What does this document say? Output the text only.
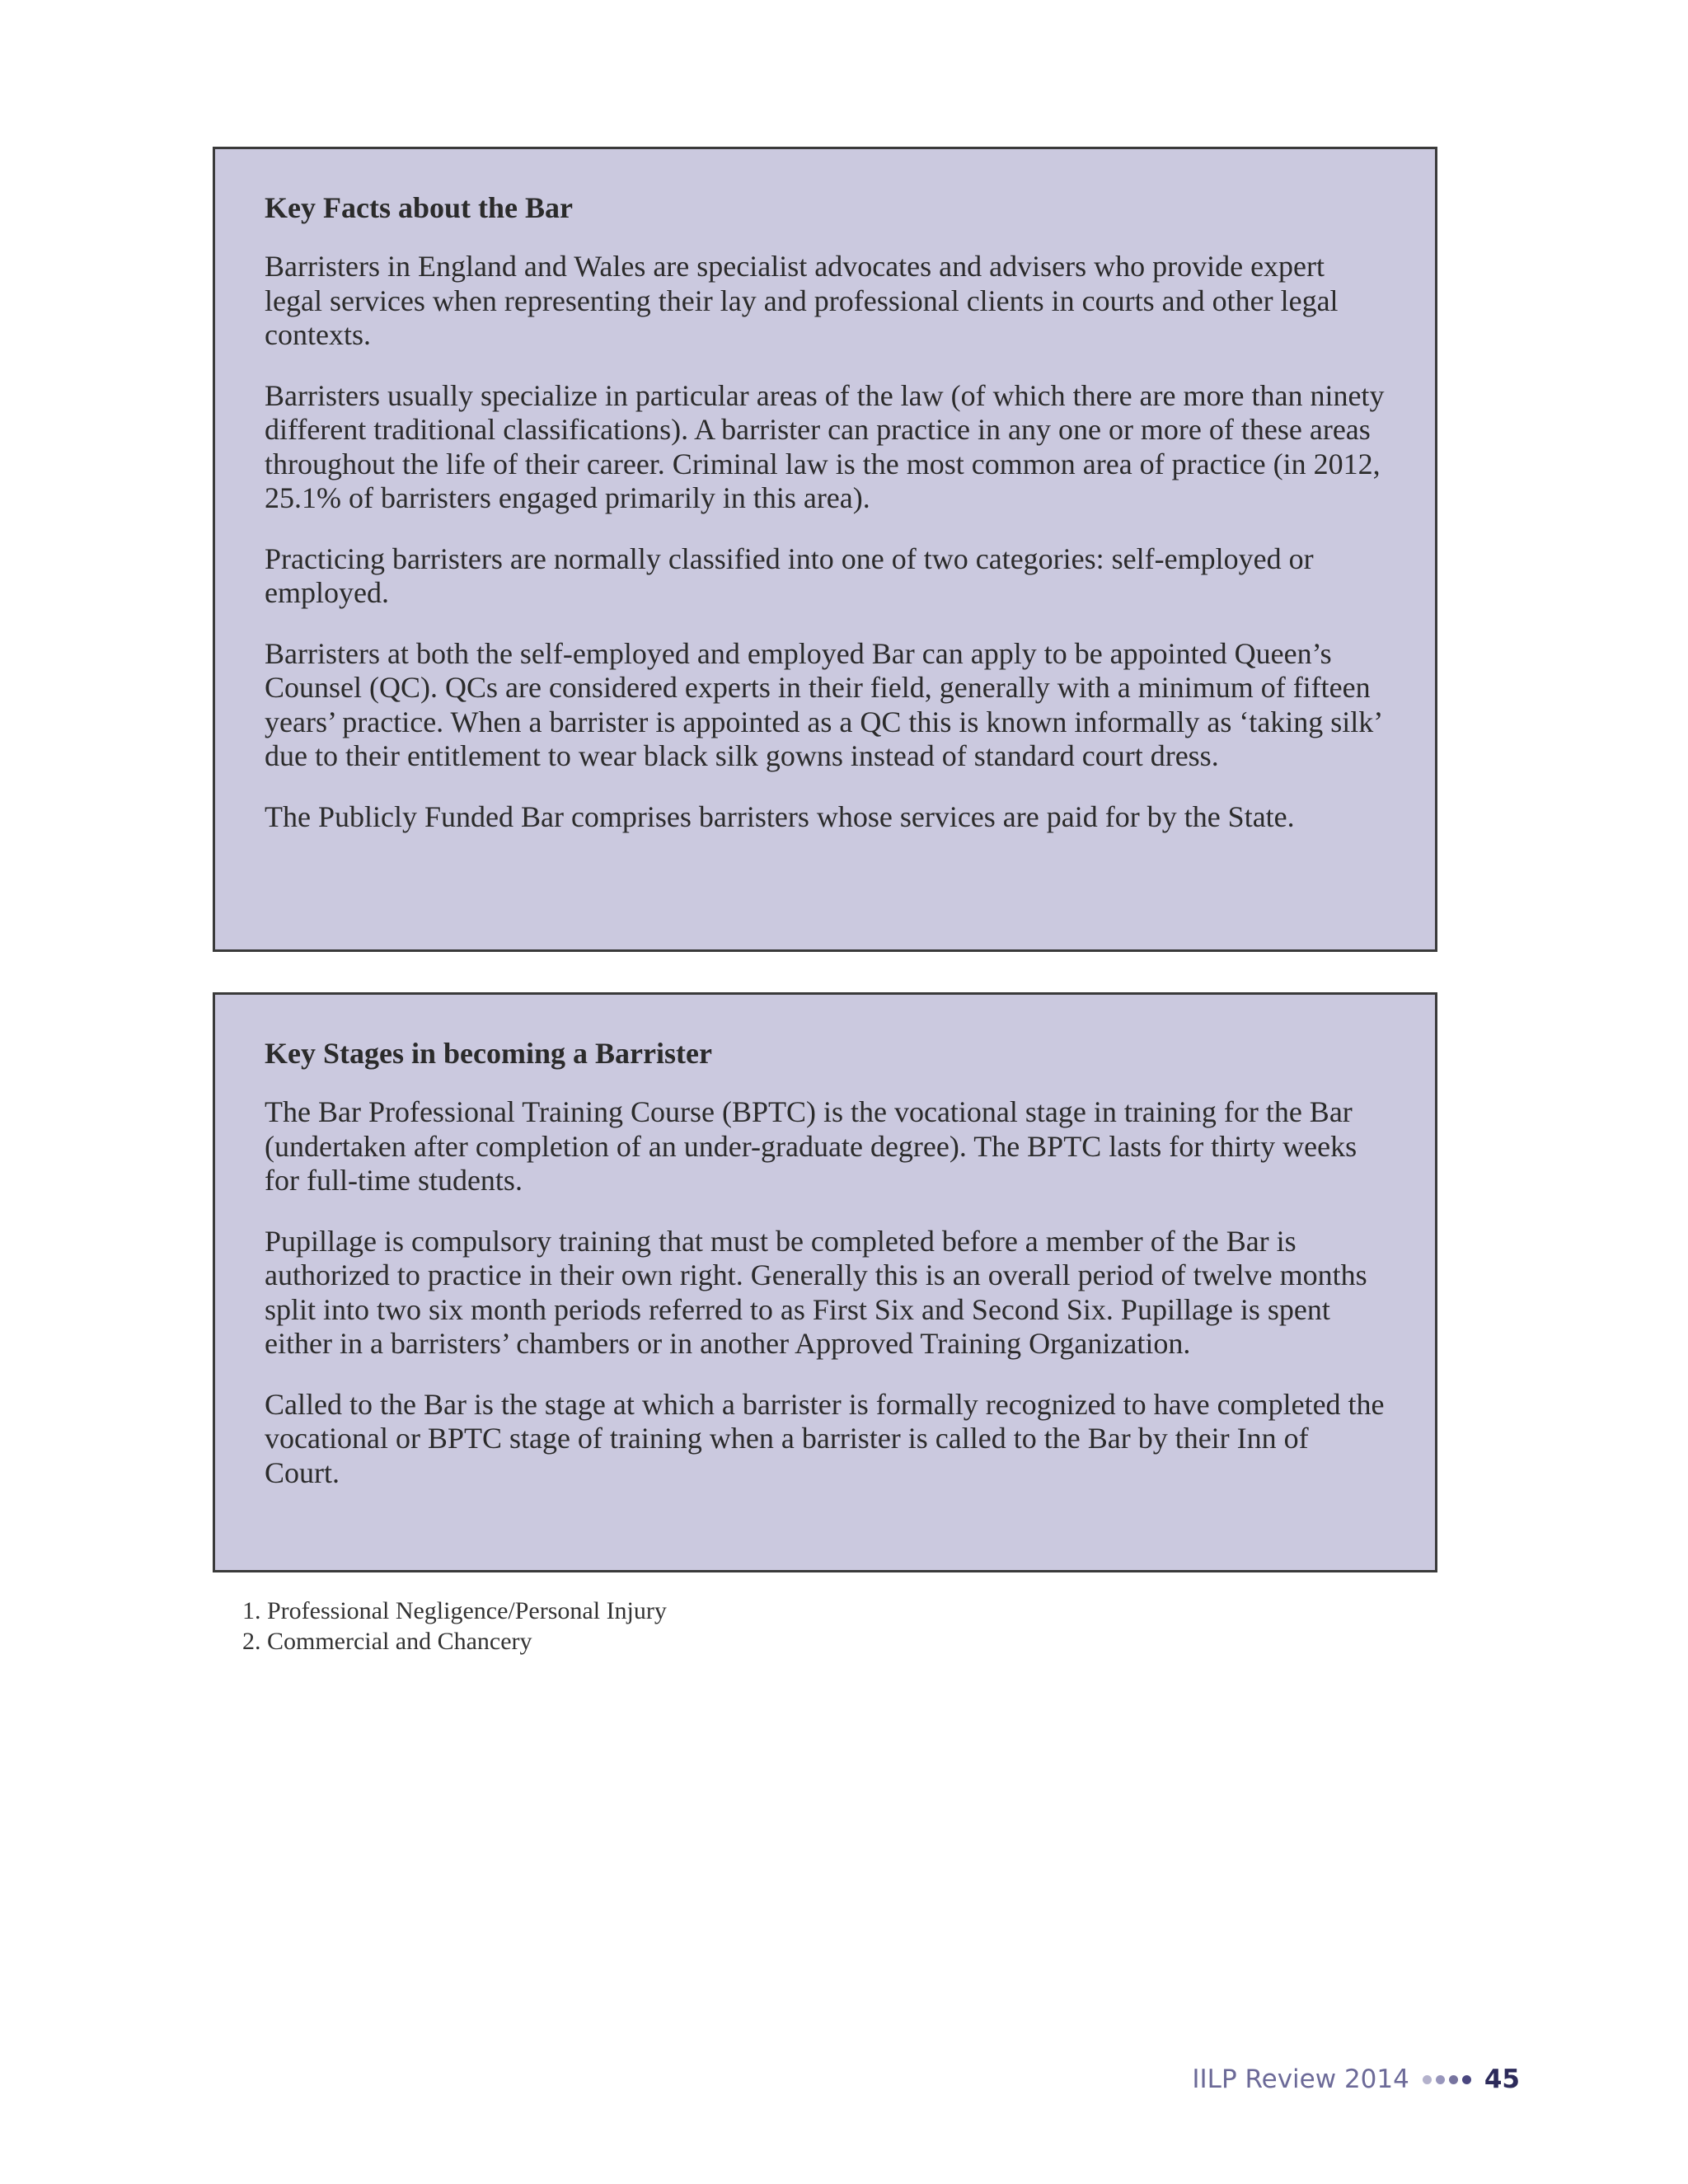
Key Facts about the Bar

Barristers in England and Wales are specialist advocates and advisers who provide expert legal services when representing their lay and professional clients in courts and other legal contexts.

Barristers usually specialize in particular areas of the law (of which there are more than ninety different traditional classifications). A barrister can practice in any one or more of these areas throughout the life of their career. Criminal law is the most common area of practice (in 2012, 25.1% of barristers engaged primarily in this area).

Practicing barristers are normally classified into one of two categories: self-employed or employed.

Barristers at both the self-employed and employed Bar can apply to be appointed Queen’s Counsel (QC). QCs are considered experts in their field, generally with a minimum of fifteen years’ practice. When a barrister is appointed as a QC this is known informally as ‘taking silk’ due to their entitlement to wear black silk gowns instead of standard court dress.

The Publicly Funded Bar comprises barristers whose services are paid for by the State.

Key Stages in becoming a Barrister

The Bar Professional Training Course (BPTC) is the vocational stage in training for the Bar (undertaken after completion of an under-graduate degree). The BPTC lasts for thirty weeks for full-time students.

Pupillage is compulsory training that must be completed before a member of the Bar is authorized to practice in their own right. Generally this is an overall period of twelve months split into two six month periods referred to as First Six and Second Six. Pupillage is spent either in a barristers’ chambers or in another Approved Training Organization.

Called to the Bar is the stage at which a barrister is formally recognized to have completed the vocational or BPTC stage of training when a barrister is called to the Bar by their Inn of Court.

1. Professional Negligence/Personal Injury
2. Commercial and Chancery
IILP Review 2014	45
